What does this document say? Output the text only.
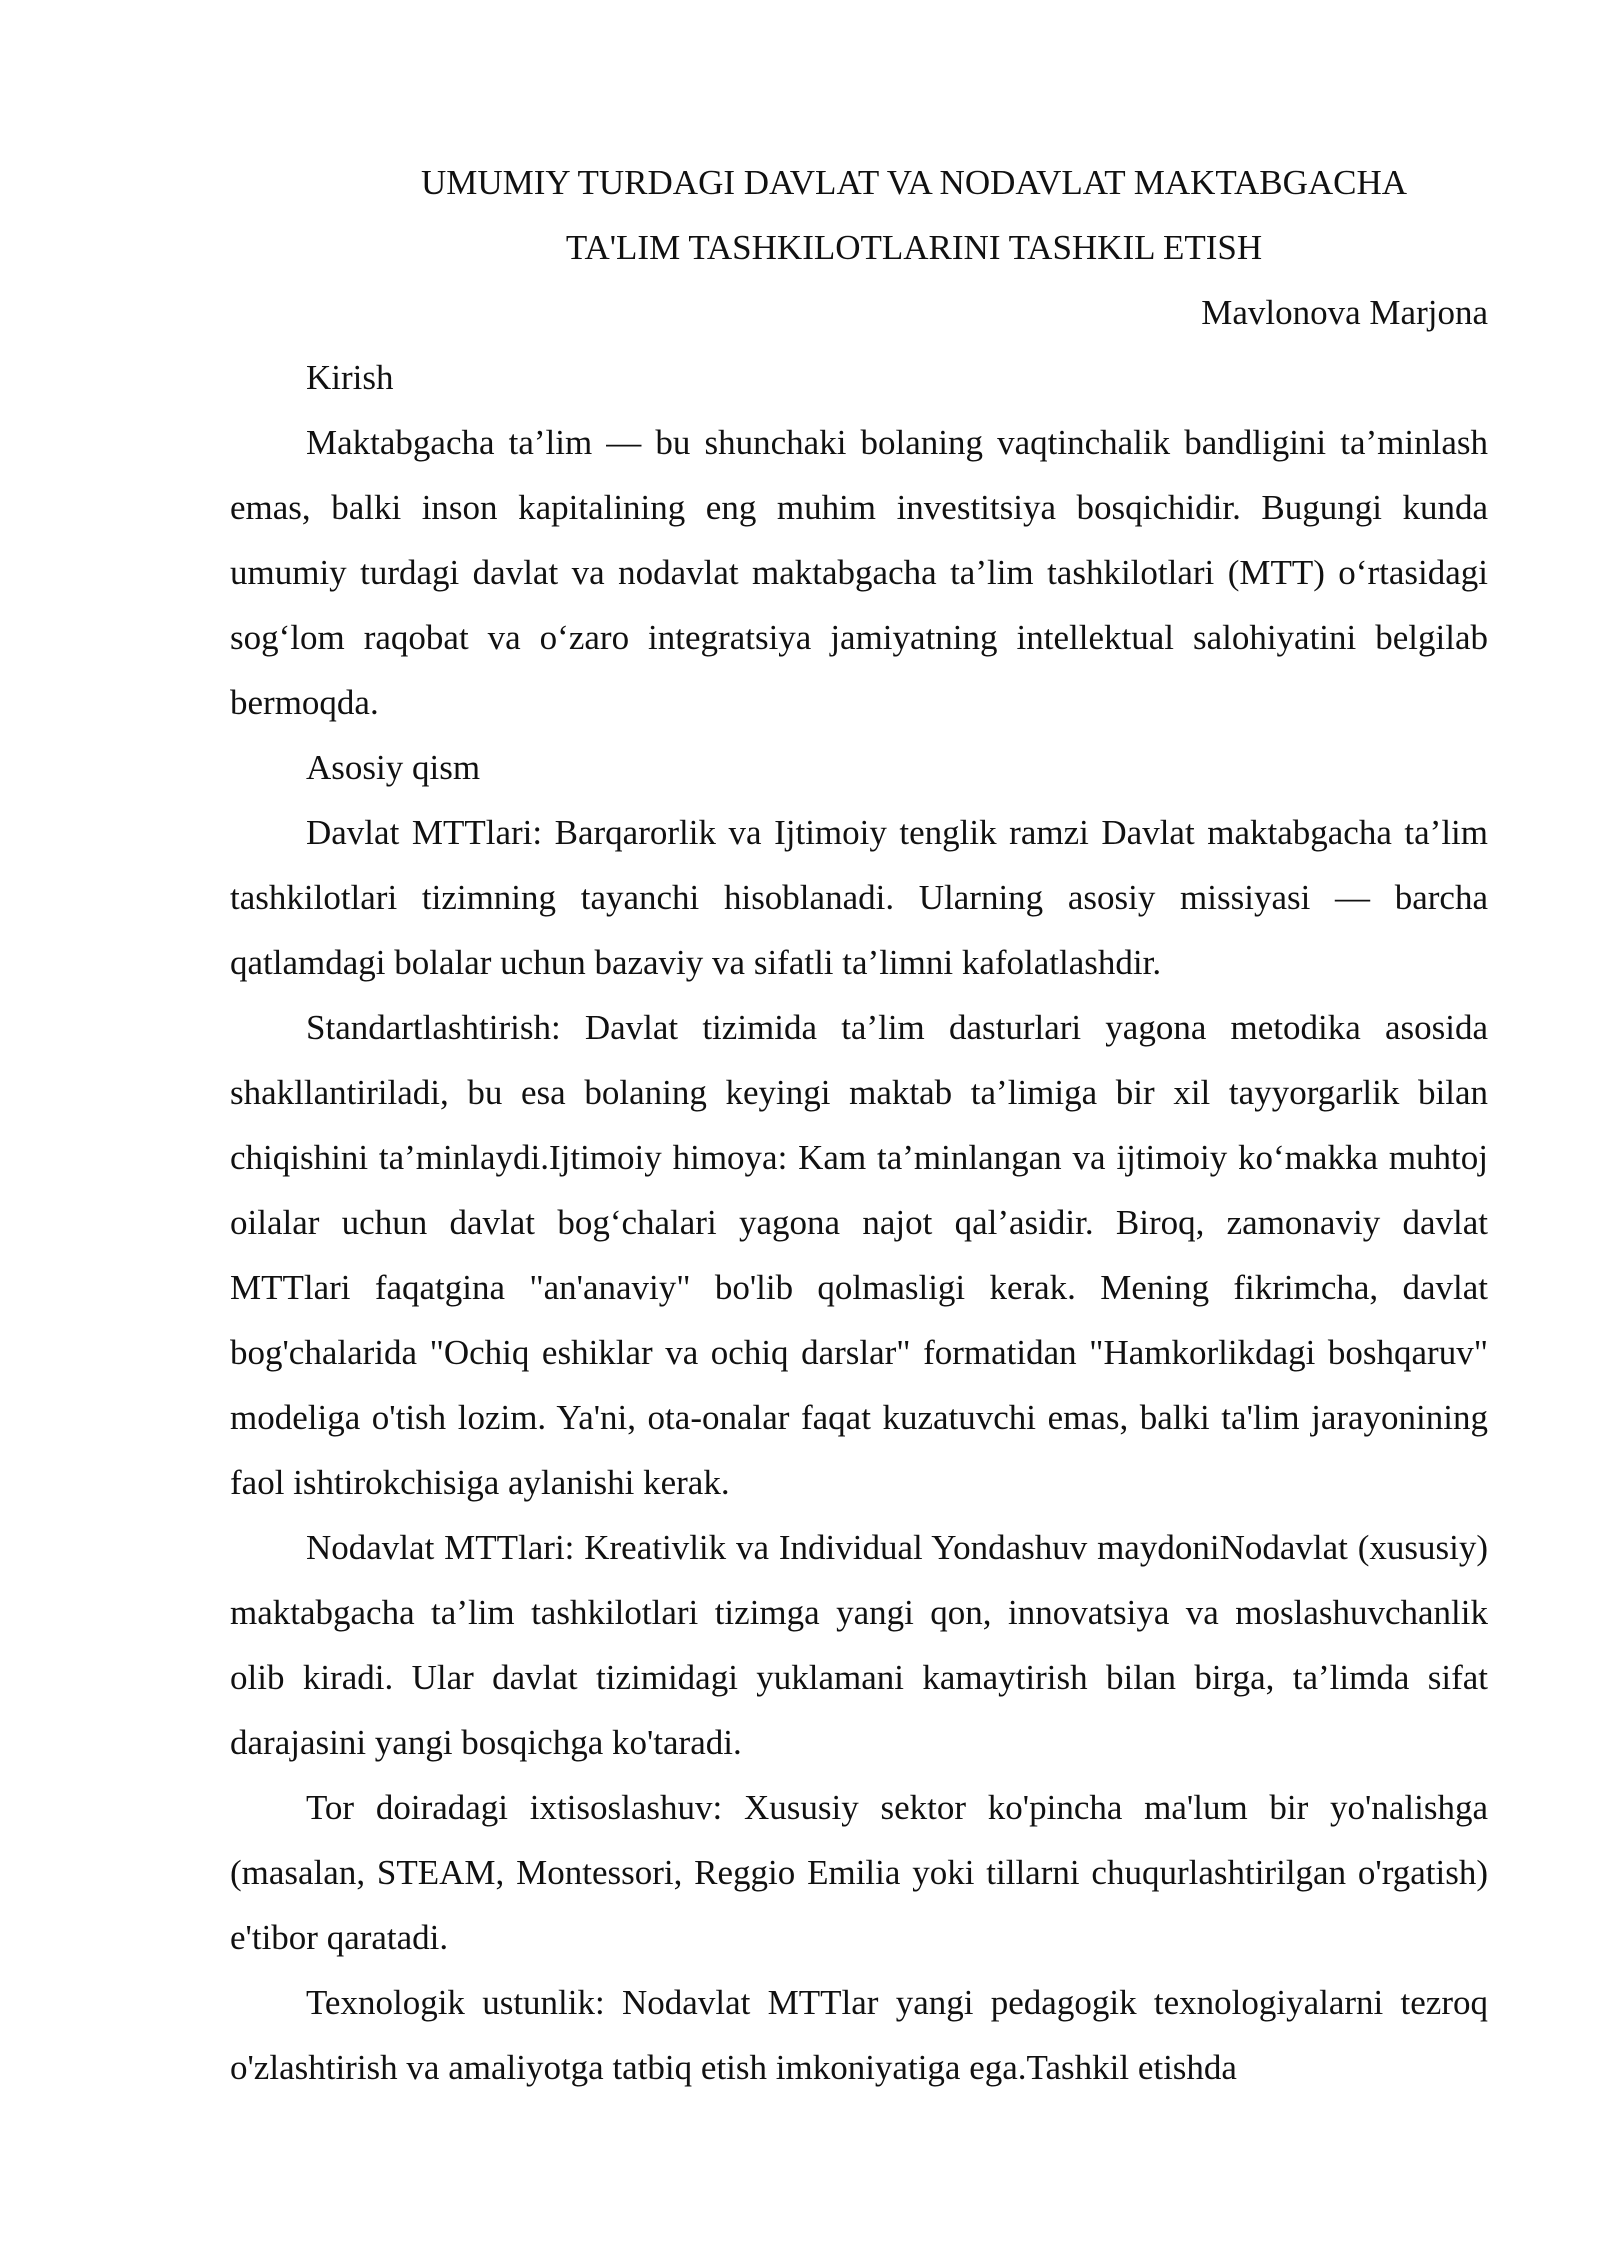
UMUMIY TURDAGI DAVLAT VA NODAVLAT MAKTABGACHA
TA'LIM TASHKILOTLARINI TASHKIL ETISH

Mavlonova Marjona

Kirish

Maktabgacha ta’lim — bu shunchaki bolaning vaqtinchalik bandligini ta’minlash emas, balki inson kapitalining eng muhim investitsiya bosqichidir. Bugungi kunda umumiy turdagi davlat va nodavlat maktabgacha ta’lim tashkilotlari (MTT) o‘rtasidagi sog‘lom raqobat va o‘zaro integratsiya jamiyatning intellektual salohiyatini belgilab bermoqda.

Asosiy qism

Davlat MTTlari: Barqarorlik va Ijtimoiy tenglik ramzi Davlat maktabgacha ta’lim tashkilotlari tizimning tayanchi hisoblanadi. Ularning asosiy missiyasi — barcha qatlamdagi bolalar uchun bazaviy va sifatli ta’limni kafolatlashdir.

Standartlashtirish: Davlat tizimida ta’lim dasturlari yagona metodika asosida shakllantiriladi, bu esa bolaning keyingi maktab ta’limiga bir xil tayyorgarlik bilan chiqishini ta’minlaydi.Ijtimoiy himoya: Kam ta’minlangan va ijtimoiy ko‘makka muhtoj oilalar uchun davlat bog‘chalari yagona najot qal’asidir. Biroq, zamonaviy davlat MTTlari faqatgina "an'anaviy" bo'lib qolmasligi kerak. Mening fikrimcha, davlat bog'chalarida "Ochiq eshiklar va ochiq darslar" formatidan "Hamkorlikdagi boshqaruv" modeliga o'tish lozim. Ya'ni, ota-onalar faqat kuzatuvchi emas, balki ta'lim jarayonining faol ishtirokchisiga aylanishi kerak.

Nodavlat MTTlari: Kreativlik va Individual Yondashuv maydoniNodavlat (xususiy) maktabgacha ta’lim tashkilotlari tizimga yangi qon, innovatsiya va moslashuvchanlik olib kiradi. Ular davlat tizimidagi yuklamani kamaytirish bilan birga, ta’limda sifat darajasini yangi bosqichga ko'taradi.

Tor doiradagi ixtisoslashuv: Xususiy sektor ko'pincha ma'lum bir yo'nalishga (masalan, STEAM, Montessori, Reggio Emilia yoki tillarni chuqurlashtirilgan o'rgatish) e'tibor qaratadi.

Texnologik ustunlik: Nodavlat MTTlar yangi pedagogik texnologiyalarni tezroq o'zlashtirish va amaliyotga tatbiq etish imkoniyatiga ega.Tashkil etishda
